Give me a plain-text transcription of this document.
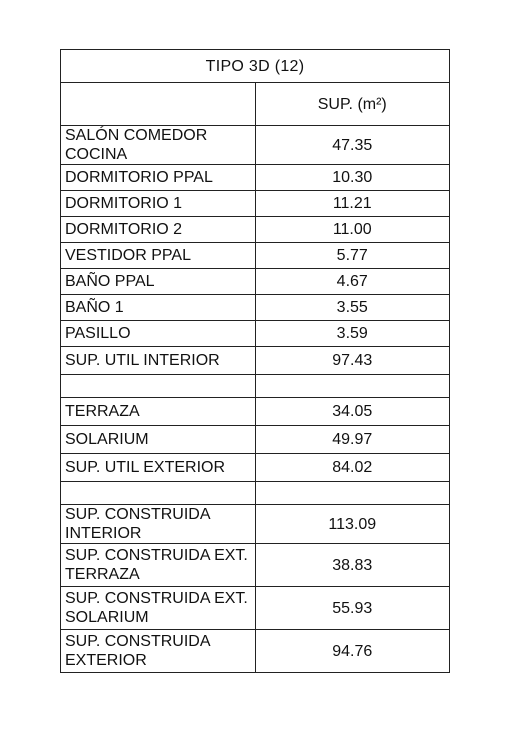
TIPO 3D (12)	
	SUP. (m²)
SALÓN COMEDOR COCINA	47.35
DORMITORIO PPAL	10.30
DORMITORIO 1	11.21
DORMITORIO 2	11.00
VESTIDOR PPAL	5.77
BAÑO PPAL	4.67
BAÑO 1	3.55
PASILLO	3.59
SUP. UTIL INTERIOR	97.43

TERRAZA	34.05
SOLARIUM	49.97
SUP. UTIL EXTERIOR	84.02

SUP. CONSTRUIDA INTERIOR	113.09
SUP. CONSTRUIDA EXT. TERRAZA	38.83
SUP. CONSTRUIDA EXT. SOLARIUM	55.93
SUP. CONSTRUIDA EXTERIOR	94.76
